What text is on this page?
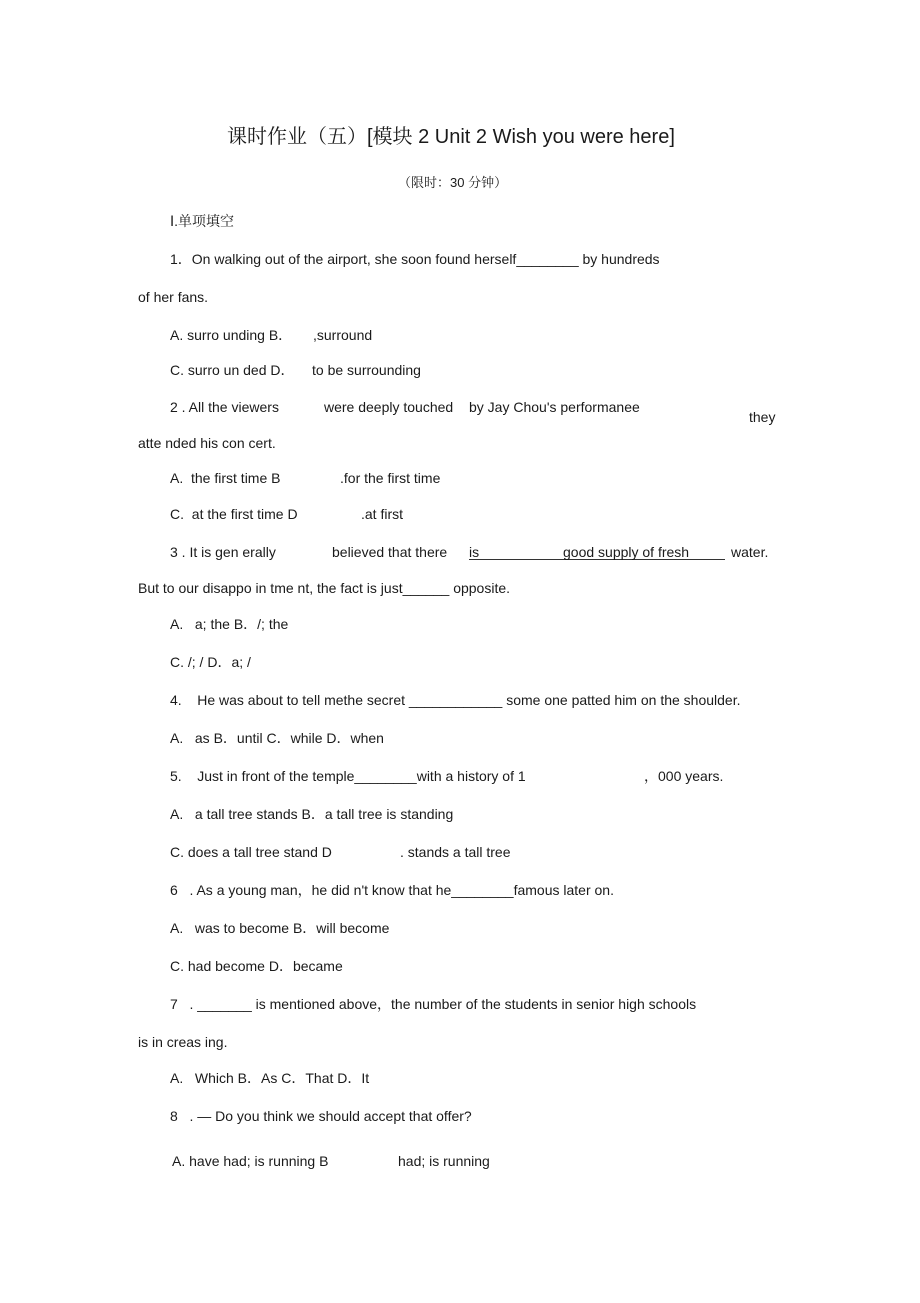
课时作业（五）[模块 2 Unit 2 Wish you were here]
（限时：30 分钟）
Ⅰ.单项填空
1．On walking out of the airport, she soon found herself________ by hundreds
of her fans.
A. surro unding B． ,surround
C. surro un ded D． to be surrounding
2 . All the viewers	were deeply touched by Jay Chou's performanee
they
atte nded his con cert.
A.  the first time B	.for the first time
C.  at the first time D	.at first
3 . It is gen erally	believed that there is	good supply of fresh	water.
But to our disappo in tme nt, the fact is just______ opposite.
A.   a; the B．/; the
C. /; / D．a; /
4.    He was about to tell methe secret ____________ some one patted him on the shoulder.
A.   as B．until C．while D．when
5.    Just in front of the temple________with a history of 1	，000 years.
A.   a tall tree stands B．a tall tree is standing
C. does a tall tree stand D	. stands a tall tree
6   . As a young man，he did n't know that he________famous later on.
A.   was to become B．will become
C. had become D．became
7   . _______ is mentioned above，the number of the students in senior high schools
is in creas ing.
A.   Which B．As C．That D．It
8   . — Do you think we should accept that offer?
A. have had; is running B	had; is running
